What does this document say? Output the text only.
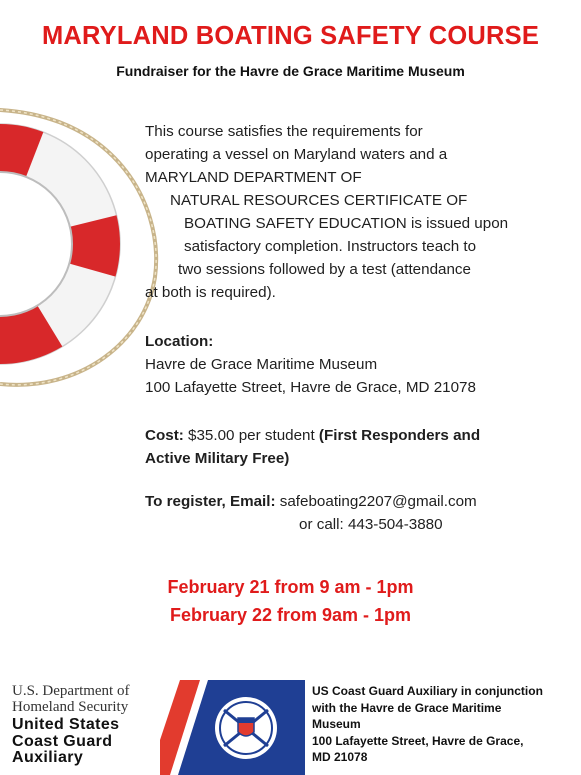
MARYLAND BOATING SAFETY COURSE
Fundraiser for the Havre de Grace Maritime Museum
This course satisfies the requirements for
operating a vessel on Maryland waters and a
MARYLAND DEPARTMENT OF
NATURAL RESOURCES CERTIFICATE OF
BOATING SAFETY EDUCATION is issued upon
satisfactory completion. Instructors teach to
two sessions followed by a test (attendance
at both is required).
Location:
Havre de Grace Maritime Museum
100 Lafayette Street, Havre de Grace, MD 21078
Cost: $35.00 per student (First Responders and
Active Military Free)
To register, Email: safeboating2207@gmail.com
or call: 443-504-3880
February 21 from 9 am - 1pm
February 22 from 9am - 1pm
U.S. Department of
Homeland Security
United States
Coast Guard
Auxiliary
US Coast Guard Auxiliary in conjunction
with the Havre de Grace Maritime
Museum
100 Lafayette Street, Havre de Grace,
MD 21078
